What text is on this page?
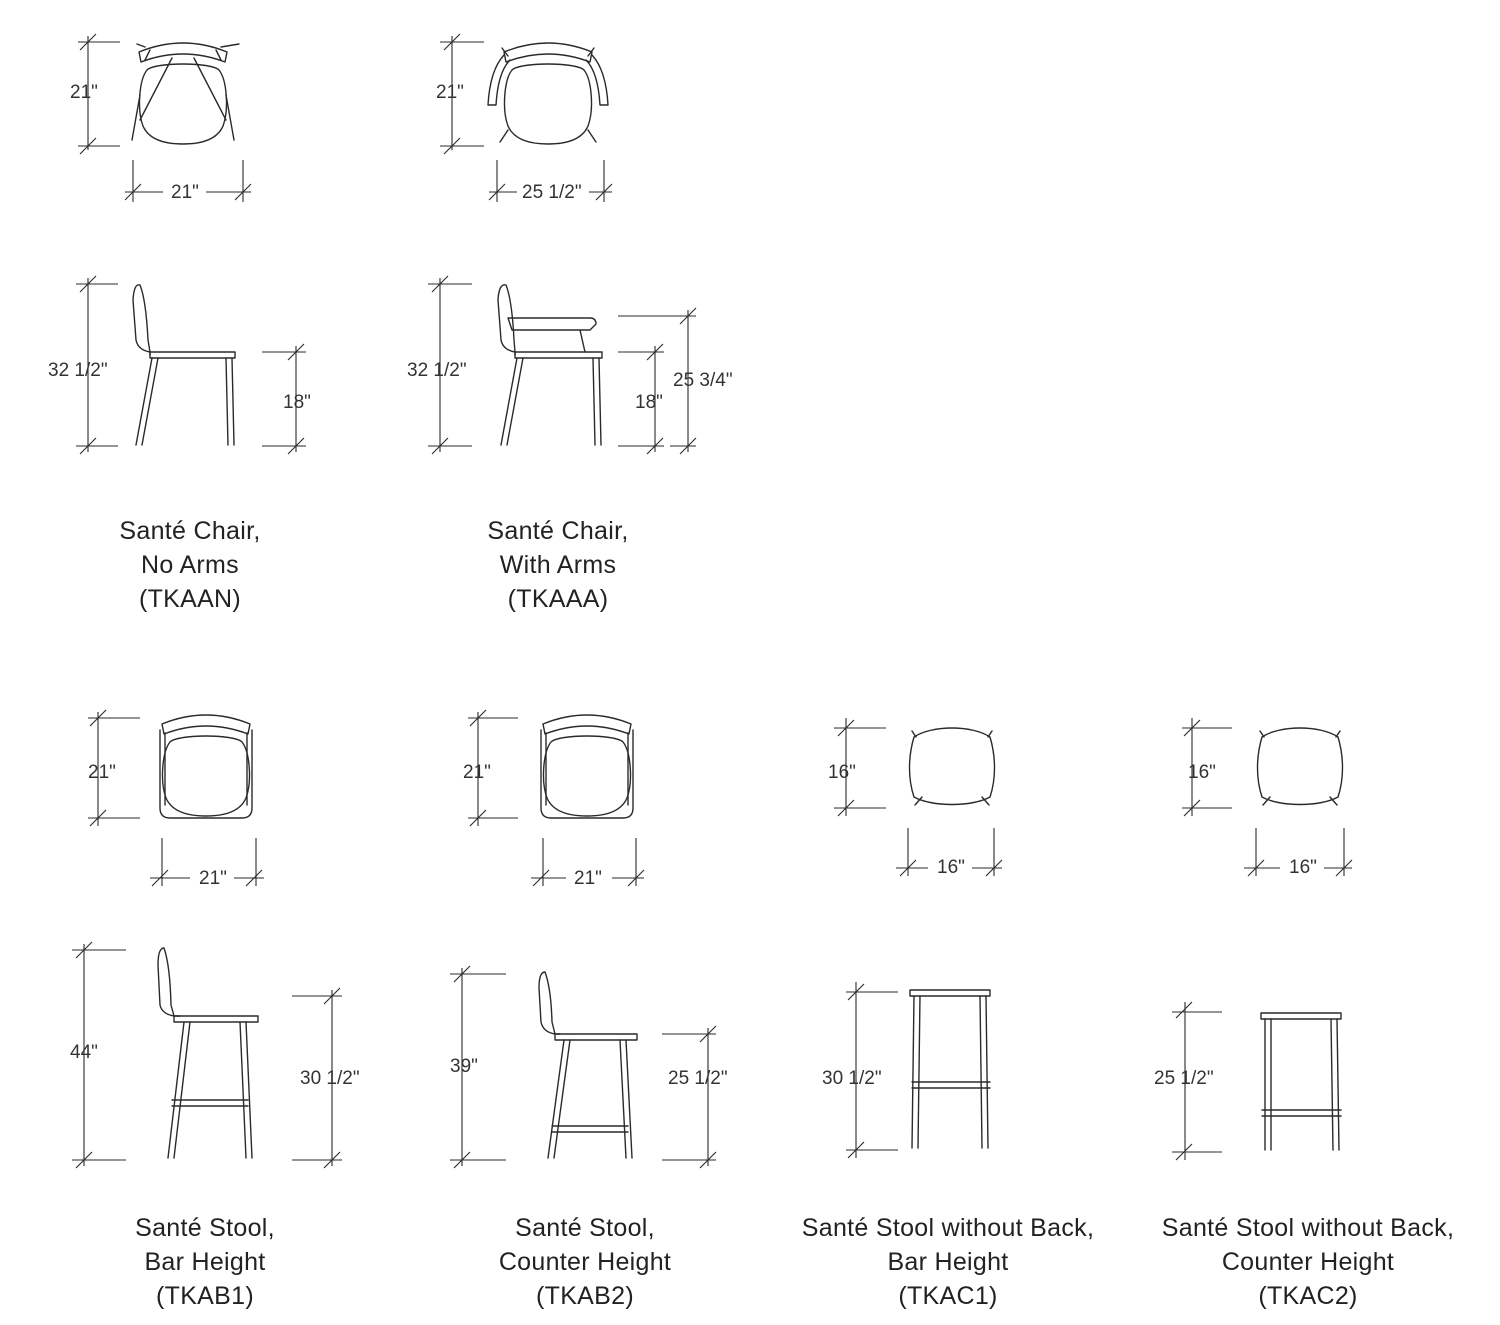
21"
21"
21"
25 1/2"
32 1/2"
18"
32 1/2"
18"
25 3/4"
21"
21"
21"
21"
16"
16"
16"
16"
44"
30 1/2"
39"
25 1/2"	30 1/2"	25 1/2"
Santé Chair,
No Arms
(TKAAN)
Santé Chair,
With Arms
(TKAAA)
Santé Stool,
Bar Height
(TKAB1)
Santé Stool,
Counter Height
(TKAB2)
Santé Stool without Back,
Bar Height
(TKAC1)
Santé Stool without Back,
Counter Height
(TKAC2)
